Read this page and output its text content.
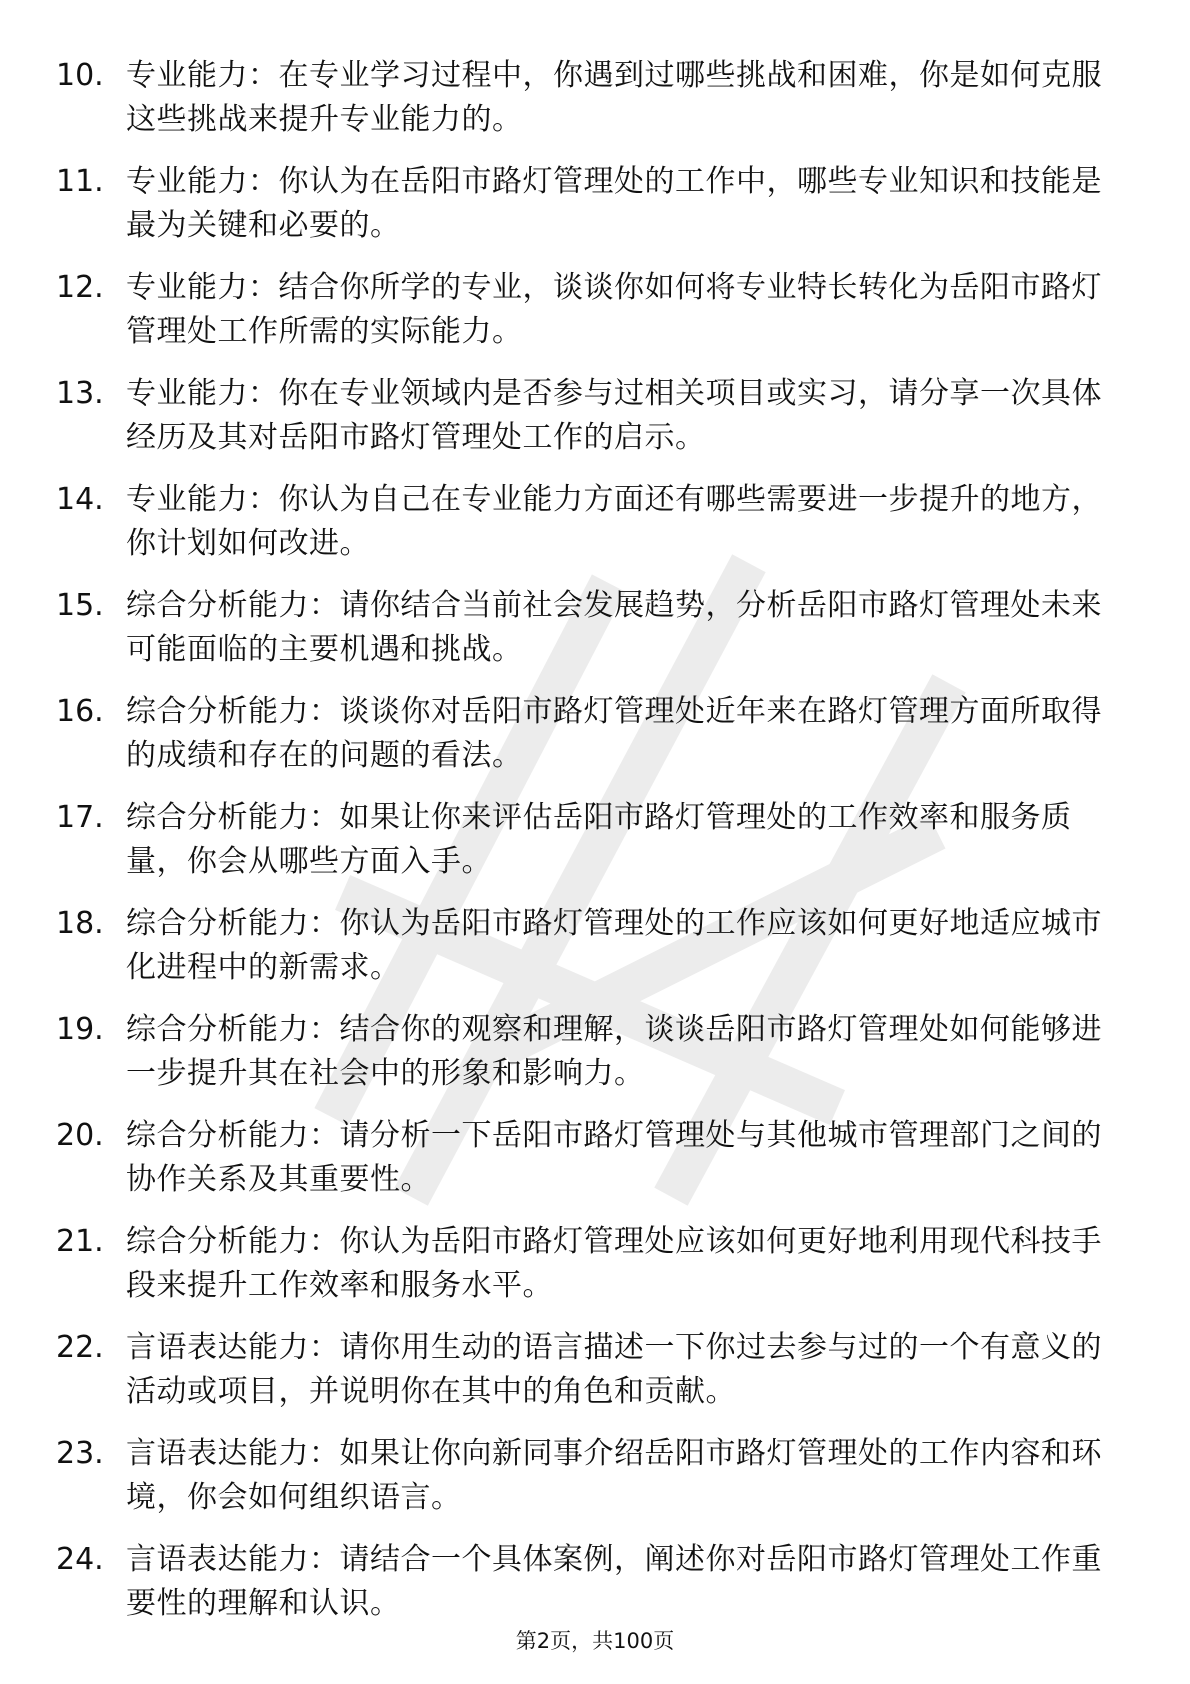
10. 专业能力：在专业学习过程中，你遇到过哪些挑战和困难，你是如何克服这些挑战来提升专业能力的。
11. 专业能力：你认为在岳阳市路灯管理处的工作中，哪些专业知识和技能是最为关键和必要的。
12. 专业能力：结合你所学的专业，谈谈你如何将专业特长转化为岳阳市路灯管理处工作所需的实际能力。
13. 专业能力：你在专业领域内是否参与过相关项目或实习，请分享一次具体经历及其对岳阳市路灯管理处工作的启示。
14. 专业能力：你认为自己在专业能力方面还有哪些需要进一步提升的地方，你计划如何改进。
15. 综合分析能力：请你结合当前社会发展趋势，分析岳阳市路灯管理处未来可能面临的主要机遇和挑战。
16. 综合分析能力：谈谈你对岳阳市路灯管理处近年来在路灯管理方面所取得的成绩和存在的问题的看法。
17. 综合分析能力：如果让你来评估岳阳市路灯管理处的工作效率和服务质量，你会从哪些方面入手。
18. 综合分析能力：你认为岳阳市路灯管理处的工作应该如何更好地适应城市化进程中的新需求。
19. 综合分析能力：结合你的观察和理解，谈谈岳阳市路灯管理处如何能够进一步提升其在社会中的形象和影响力。
20. 综合分析能力：请分析一下岳阳市路灯管理处与其他城市管理部门之间的协作关系及其重要性。
21. 综合分析能力：你认为岳阳市路灯管理处应该如何更好地利用现代科技手段来提升工作效率和服务水平。
22. 言语表达能力：请你用生动的语言描述一下你过去参与过的一个有意义的活动或项目，并说明你在其中的角色和贡献。
23. 言语表达能力：如果让你向新同事介绍岳阳市路灯管理处的工作内容和环境，你会如何组织语言。
24. 言语表达能力：请结合一个具体案例，阐述你对岳阳市路灯管理处工作重要性的理解和认识。
第2页，共100页
